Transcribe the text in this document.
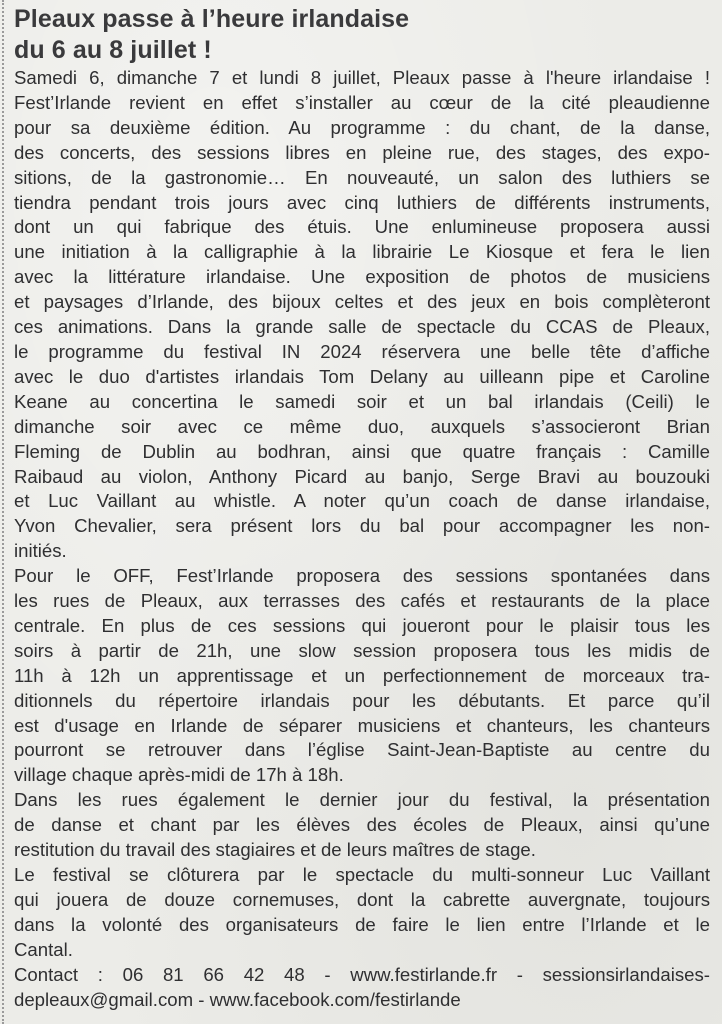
Pleaux passe à l’heure irlandaise
du 6 au 8 juillet !
Samedi 6, dimanche 7 et lundi 8 juillet, Pleaux passe à l'heure irlandaise !
Fest’Irlande revient en effet s’installer au cœur de la cité pleaudienne
pour sa deuxième édition. Au programme : du chant, de la danse,
des concerts, des sessions libres en pleine rue, des stages, des expo-
sitions, de la gastronomie… En nouveauté, un salon des luthiers se
tiendra pendant trois jours avec cinq luthiers de différents instruments,
dont un qui fabrique des étuis. Une enlumineuse proposera aussi
une initiation à la calligraphie à la librairie Le Kiosque et fera le lien
avec la littérature irlandaise. Une exposition de photos de musiciens
et paysages d’Irlande, des bijoux celtes et des jeux en bois complèteront
ces animations. Dans la grande salle de spectacle du CCAS de Pleaux,
le programme du festival IN 2024 réservera une belle tête d’affiche
avec le duo d'artistes irlandais Tom Delany au uilleann pipe et Caroline
Keane au concertina le samedi soir et un bal irlandais (Ceili) le
dimanche soir avec ce même duo, auxquels s’associeront Brian
Fleming de Dublin au bodhran, ainsi que quatre français : Camille
Raibaud au violon, Anthony Picard au banjo, Serge Bravi au bouzouki
et Luc Vaillant au whistle. A noter qu’un coach de danse irlandaise,
Yvon Chevalier, sera présent lors du bal pour accompagner les non-
initiés.
Pour le OFF, Fest’Irlande proposera des sessions spontanées dans
les rues de Pleaux, aux terrasses des cafés et restaurants de la place
centrale. En plus de ces sessions qui joueront pour le plaisir tous les
soirs à partir de 21h, une slow session proposera tous les midis de
11h à 12h un apprentissage et un perfectionnement de morceaux tra-
ditionnels du répertoire irlandais pour les débutants. Et parce qu’il
est d'usage en Irlande de séparer musiciens et chanteurs, les chanteurs
pourront se retrouver dans l’église Saint-Jean-Baptiste au centre du
village chaque après-midi de 17h à 18h.
Dans les rues également le dernier jour du festival, la présentation
de danse et chant par les élèves des écoles de Pleaux, ainsi qu’une
restitution du travail des stagiaires et de leurs maîtres de stage.
Le festival se clôturera par le spectacle du multi-sonneur Luc Vaillant
qui jouera de douze cornemuses, dont la cabrette auvergnate, toujours
dans la volonté des organisateurs de faire le lien entre l’Irlande et le
Cantal.
Contact : 06 81 66 42 48 - www.festirlande.fr - sessionsirlandaises-
depleaux@gmail.com - www.facebook.com/festirlande
